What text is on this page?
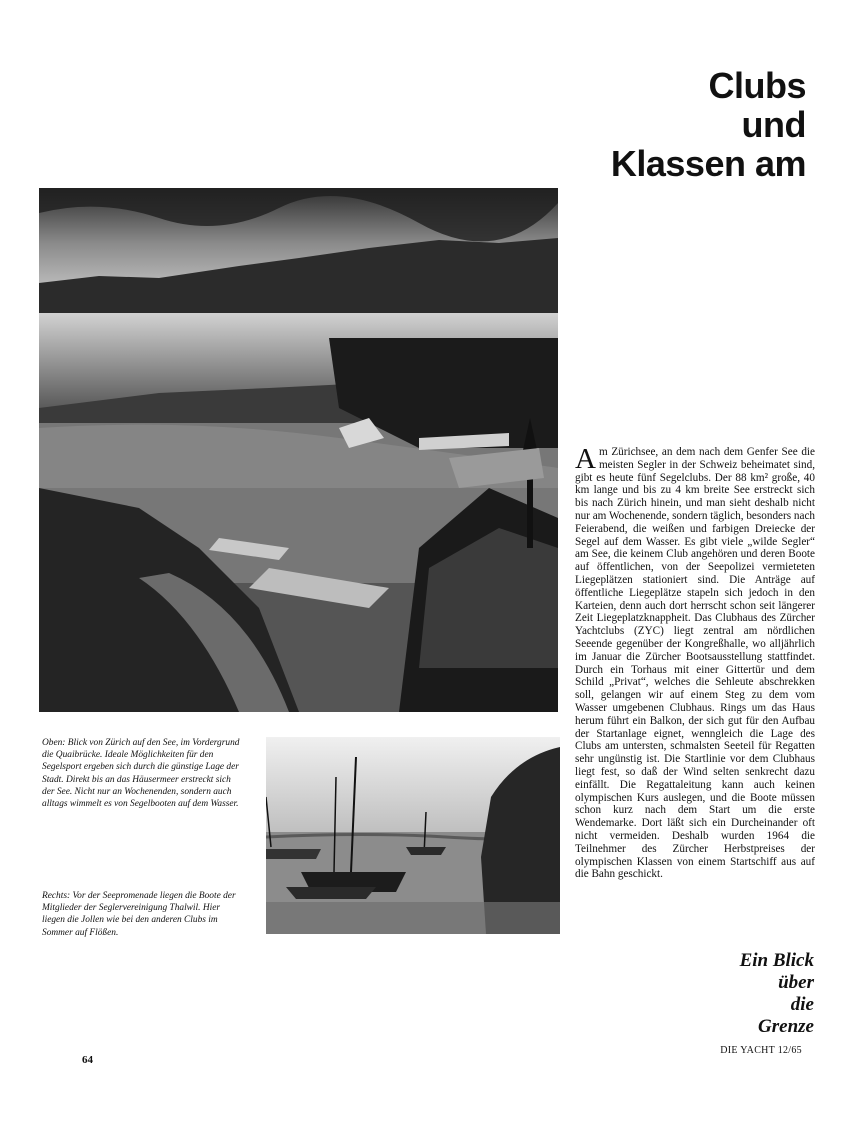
Clubs
und
Klassen am
Oben: Blick von Zürich auf den See, im Vordergrund die Quaibrücke. Ideale Möglichkeiten für den Segelsport ergeben sich durch die günstige Lage der Stadt. Direkt bis an das Häusermeer erstreckt sich der See. Nicht nur an Wochenenden, sondern auch alltags wimmelt es von Segelbooten auf dem Wasser.
Rechts: Vor der Seepromenade liegen die Boote der Mitglieder der Seglervereinigung Thalwil. Hier liegen die Jollen wie bei den anderen Clubs im Sommer auf Flößen.
Am Zürichsee, an dem nach dem Genfer See die meisten Segler in der Schweiz beheimatet sind, gibt es heute fünf Segelclubs. Der 88 km² große, 40 km lange und bis zu 4 km breite See erstreckt sich bis nach Zürich hinein, und man sieht deshalb nicht nur am Wochenende, sondern täglich, besonders nach Feierabend, die weißen und farbigen Dreiecke der Segel auf dem Wasser. Es gibt viele „wilde Segler“ am See, die keinem Club angehören und deren Boote auf öffentlichen, von der Seepolizei vermieteten Liegeplätzen stationiert sind. Die Anträge auf öffentliche Liegeplätze stapeln sich jedoch in den Karteien, denn auch dort herrscht schon seit längerer Zeit Liegeplatzknappheit. Das Clubhaus des Zürcher Yachtclubs (ZYC) liegt zentral am nördlichen Seeende gegenüber der Kongreßhalle, wo alljährlich im Januar die Zürcher Bootsausstellung stattfindet. Durch ein Torhaus mit einer Gittertür und dem Schild „Privat“, welches die Sehleute abschrekken soll, gelangen wir auf einem Steg zu dem vom Wasser umgebenen Clubhaus. Rings um das Haus herum führt ein Balkon, der sich gut für den Aufbau der Startanlage eignet, wenngleich die Lage des Clubs am untersten, schmalsten Seeteil für Regatten sehr ungünstig ist. Die Startlinie vor dem Clubhaus liegt fest, so daß der Wind selten senkrecht dazu einfällt. Die Regattaleitung kann auch keinen olympischen Kurs auslegen, und die Boote müssen schon kurz nach dem Start um die erste Wendemarke. Dort läßt sich ein Durcheinander oft nicht vermeiden. Deshalb wurden 1964 die Teilnehmer des Zürcher Herbstpreises der olympischen Klassen von einem Startschiff aus auf die Bahn geschickt.
Ein Blick
über
die
Grenze
64
DIE YACHT 12/65
